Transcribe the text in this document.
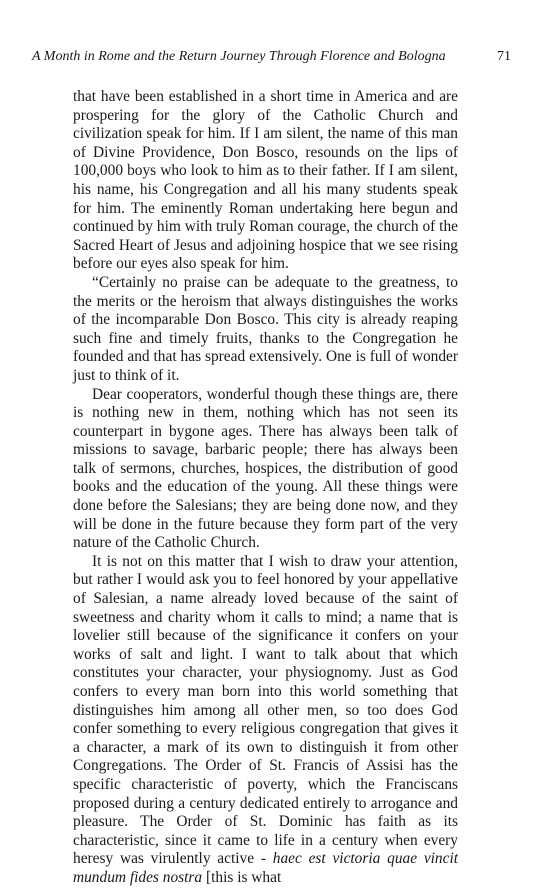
A Month in Rome and the Return Journey Through Florence and Bologna	71

that have been established in a short time in America and are prospering for the glory of the Catholic Church and civilization speak for him. If I am silent, the name of this man of Divine Providence, Don Bosco, resounds on the lips of 100,000 boys who look to him as to their father. If I am silent, his name, his Congregation and all his many students speak for him. The eminently Roman undertaking here begun and continued by him with truly Roman courage, the church of the Sacred Heart of Jesus and adjoining hospice that we see rising before our eyes also speak for him.

“Certainly no praise can be adequate to the greatness, to the merits or the heroism that always distinguishes the works of the incomparable Don Bosco. This city is already reaping such fine and timely fruits, thanks to the Congregation he founded and that has spread extensively. One is full of wonder just to think of it.

Dear cooperators, wonderful though these things are, there is nothing new in them, nothing which has not seen its counterpart in bygone ages. There has always been talk of missions to savage, barbaric people; there has always been talk of sermons, churches, hospices, the distribution of good books and the education of the young. All these things were done before the Salesians; they are being done now, and they will be done in the future because they form part of the very nature of the Catholic Church.

It is not on this matter that I wish to draw your attention, but rather I would ask you to feel honored by your appellative of Salesian, a name already loved because of the saint of sweetness and charity whom it calls to mind; a name that is lovelier still because of the significance it confers on your works of salt and light. I want to talk about that which constitutes your character, your physiognomy. Just as God confers to every man born into this world something that distinguishes him among all other men, so too does God confer something to every religious congregation that gives it a character, a mark of its own to distinguish it from other Congregations. The Order of St. Francis of Assisi has the specific characteristic of poverty, which the Franciscans proposed during a century dedicated entirely to arrogance and pleasure. The Order of St. Dominic has faith as its characteristic, since it came to life in a century when every heresy was virulently active - haec est victoria quae vincit mundum fides nostra [this is what
